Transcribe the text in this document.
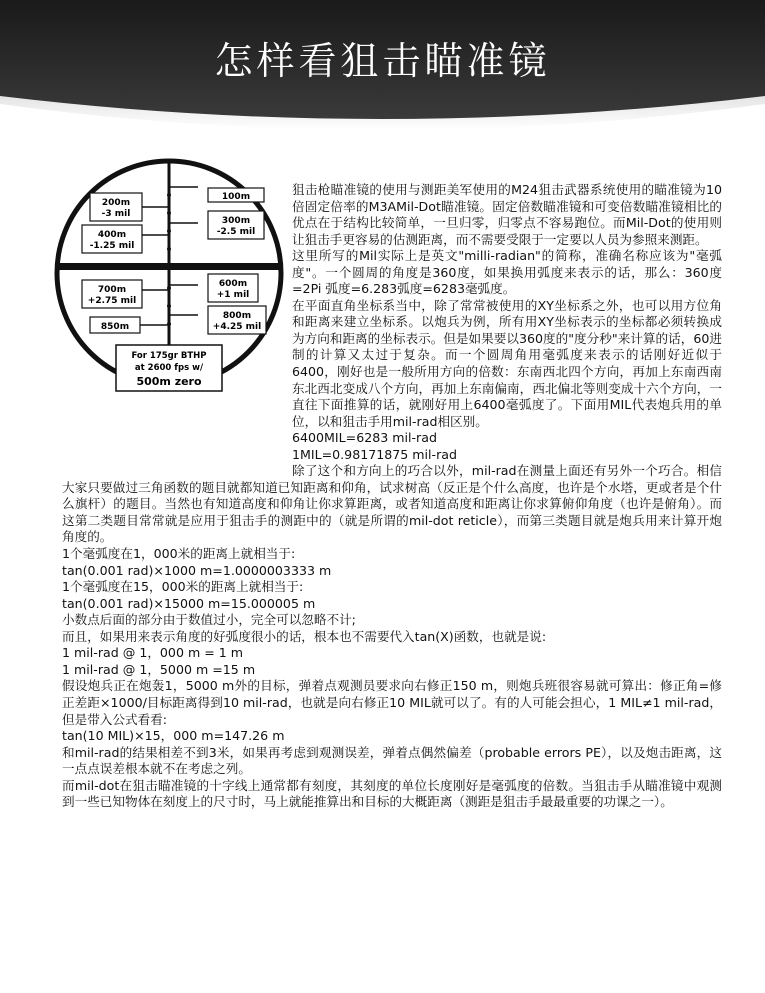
怎样看狙击瞄准镜
200m
-3 mil
400m
-1.25 mil
100m
300m
-2.5 mil
700m
+2.75 mil
600m
+1 mil
850m
800m
+4.25 mil
For 175gr BTHP
at 2600 fps w/
500m zero

狙击枪瞄准镜的使用与测距美军使用的M24狙击武器系统使用的瞄准镜为10倍固定倍率的M3AMil-Dot瞄准镜。固定倍数瞄准镜和可变倍数瞄准镜相比的优点在于结构比较简单，一旦归零，归零点不容易跑位。而Mil-Dot的使用则让狙击手更容易的估测距离，而不需要受限于一定要以人员为参照来测距。

这里所写的Mil实际上是英文"milli-radian"的简称，准确名称应该为"毫弧度"。一个圆周的角度是360度，如果换用弧度来表示的话，那么：360度=2Pi 弧度=6.283弧度=6283毫弧度。

在平面直角坐标系当中，除了常常被使用的XY坐标系之外，也可以用方位角和距离来建立坐标系。以炮兵为例，所有用XY坐标表示的坐标都必须转换成为方向和距离的坐标表示。但是如果要以360度的"度分秒"来计算的话，60进制的计算又太过于复杂。而一个圆周角用毫弧度来表示的话刚好近似于6400，刚好也是一般所用方向的倍数：东南西北四个方向，再加上东南西南东北西北变成八个方向，再加上东南偏南，西北偏北等则变成十六个方向，一直往下面推算的话，就刚好用上6400毫弧度了。下面用MIL代表炮兵用的单位，以和狙击手用mil-rad相区别。

6400MIL=6283 mil-rad

1MIL=0.98171875 mil-rad

除了这个和方向上的巧合以外，mil-rad在测量上面还有另外一个巧合。相信大家只要做过三角函数的题目就都知道已知距离和仰角，试求树高（反正是个什么高度，也许是个水塔，更或者是个什么旗杆）的题目。当然也有知道高度和仰角让你求算距离，或者知道高度和距离让你求算俯仰角度（也许是俯角）。而这第二类题目常常就是应用于狙击手的测距中的（就是所谓的mil-dot reticle），而第三类题目就是炮兵用来计算开炮角度的。

1个毫弧度在1，000米的距离上就相当于:

tan(0.001 rad)×1000 m=1.0000003333 m

1个毫弧度在15，000米的距离上就相当于:

tan(0.001 rad)×15000 m=15.000005 m

小数点后面的部分由于数值过小，完全可以忽略不计;

而且，如果用来表示角度的好弧度很小的话，根本也不需要代入tan(X)函数，也就是说:

1 mil-rad @ 1，000 m = 1 m

1 mil-rad @ 1，5000 m =15 m

假设炮兵正在炮轰1，5000 m外的目标，弹着点观测员要求向右修正150 m，则炮兵班很容易就可算出：修正角=修正差距×1000/目标距离得到10 mil-rad，也就是向右修正10 MIL就可以了。有的人可能会担心，1 MIL≠1 mil-rad，但是带入公式看看:

tan(10 MIL)×15，000 m=147.26 m

和mil-rad的结果相差不到3米，如果再考虑到观测误差，弹着点偶然偏差（probable errors PE），以及炮击距离，这一点点误差根本就不在考虑之列。

而mil-dot在狙击瞄准镜的十字线上通常都有刻度，其刻度的单位长度刚好是毫弧度的倍数。当狙击手从瞄准镜中观测到一些已知物体在刻度上的尺寸时，马上就能推算出和目标的大概距离（测距是狙击手最最重要的功课之一）。
